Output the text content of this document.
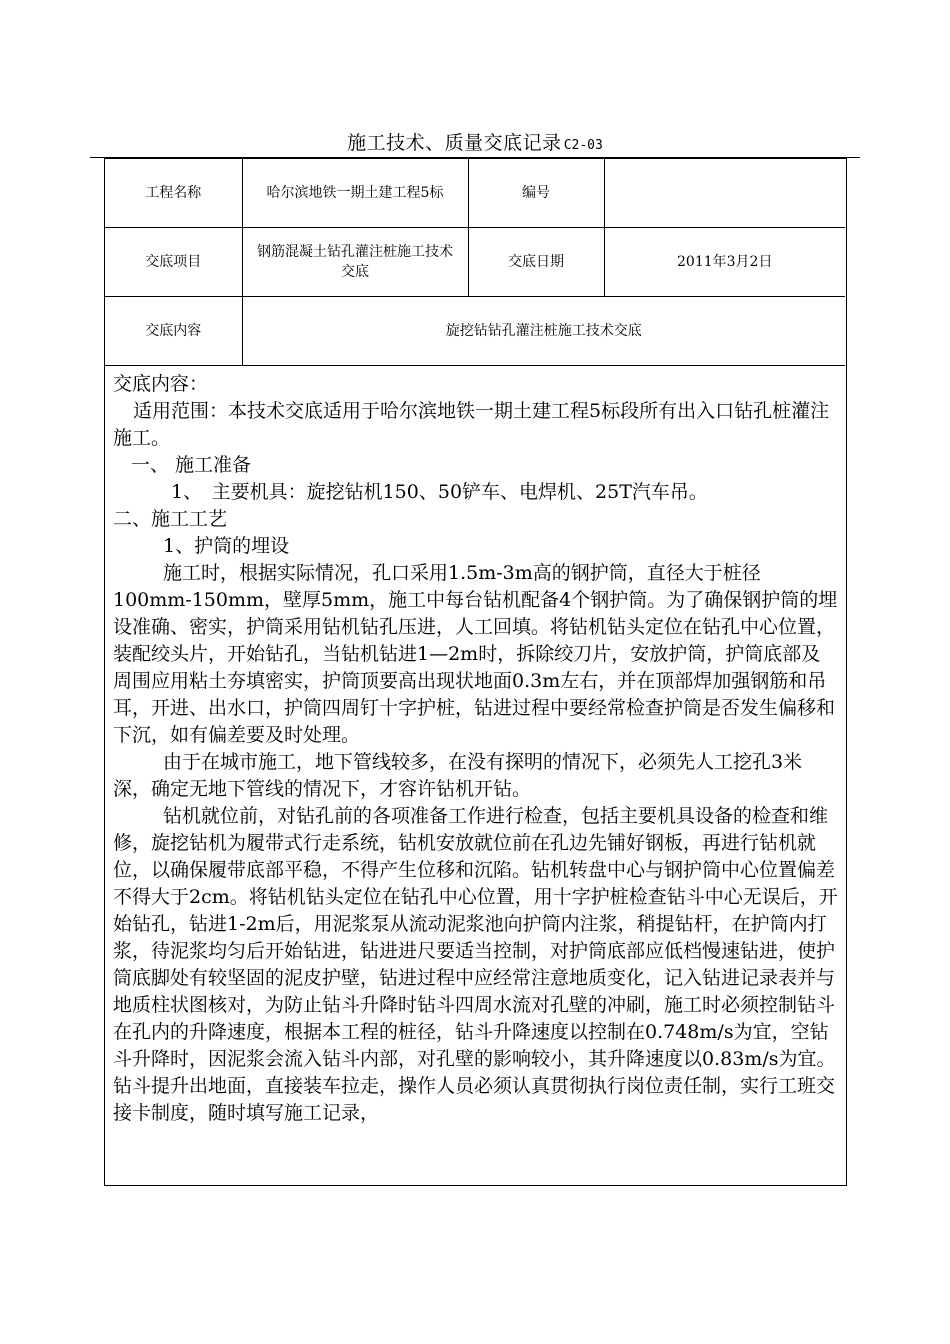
施工技术、质量交底记录 C2-03
工程名称	哈尔滨地铁一期土建工程5标	编号	
交底项目	钢筋混凝土钻孔灌注桩施工技术交底	交底日期	2011年3月2日
交底内容	旋挖钻钻孔灌注桩施工技术交底		

交底内容：

适用范围：本技术交底适用于哈尔滨地铁一期土建工程5标段所有出入口钻孔桩灌注施工。

一、 施工准备

1、　主要机具：旋挖钻机150、50铲车、电焊机、25T汽车吊。

二、施工工艺

1、护筒的埋设

施工时，根据实际情况，孔口采用1.5m-3m高的钢护筒，直径大于桩径100mm-150mm，壁厚5mm，施工中每台钻机配备4个钢护筒。为了确保钢护筒的埋设准确、密实，护筒采用钻机钻孔压进，人工回填。将钻机钻头定位在钻孔中心位置，装配绞头片，开始钻孔，当钻机钻进1—2m时，拆除绞刀片，安放护筒，护筒底部及周围应用粘土夯填密实，护筒顶要高出现状地面0.3m左右，并在顶部焊加强钢筋和吊耳，开进、出水口，护筒四周钉十字护桩，钻进过程中要经常检查护筒是否发生偏移和下沉，如有偏差要及时处理。

由于在城市施工，地下管线较多，在没有探明的情况下，必须先人工挖孔3米深，确定无地下管线的情况下，才容许钻机开钻。

钻机就位前，对钻孔前的各项准备工作进行检查，包括主要机具设备的检查和维修，旋挖钻机为履带式行走系统，钻机安放就位前在孔边先铺好钢板，再进行钻机就位，以确保履带底部平稳，不得产生位移和沉陷。钻机转盘中心与钢护筒中心位置偏差不得大于2cm。将钻机钻头定位在钻孔中心位置，用十字护桩检查钻斗中心无误后，开始钻孔，钻进1-2m后，用泥浆泵从流动泥浆池向护筒内注浆，稍提钻杆，在护筒内打浆，待泥浆均匀后开始钻进，钻进进尺要适当控制，对护筒底部应低档慢速钻进，使护筒底脚处有较坚固的泥皮护壁，钻进过程中应经常注意地质变化，记入钻进记录表并与地质柱状图核对，为防止钻斗升降时钻斗四周水流对孔壁的冲刷，施工时必须控制钻斗在孔内的升降速度，根据本工程的桩径，钻斗升降速度以控制在0.748m/s为宜，空钻斗升降时，因泥浆会流入钻斗内部，对孔壁的影响较小，其升降速度以0.83m/s为宜。钻斗提升出地面，直接装车拉走，操作人员必须认真贯彻执行岗位责任制，实行工班交接卡制度，随时填写施工记录，
